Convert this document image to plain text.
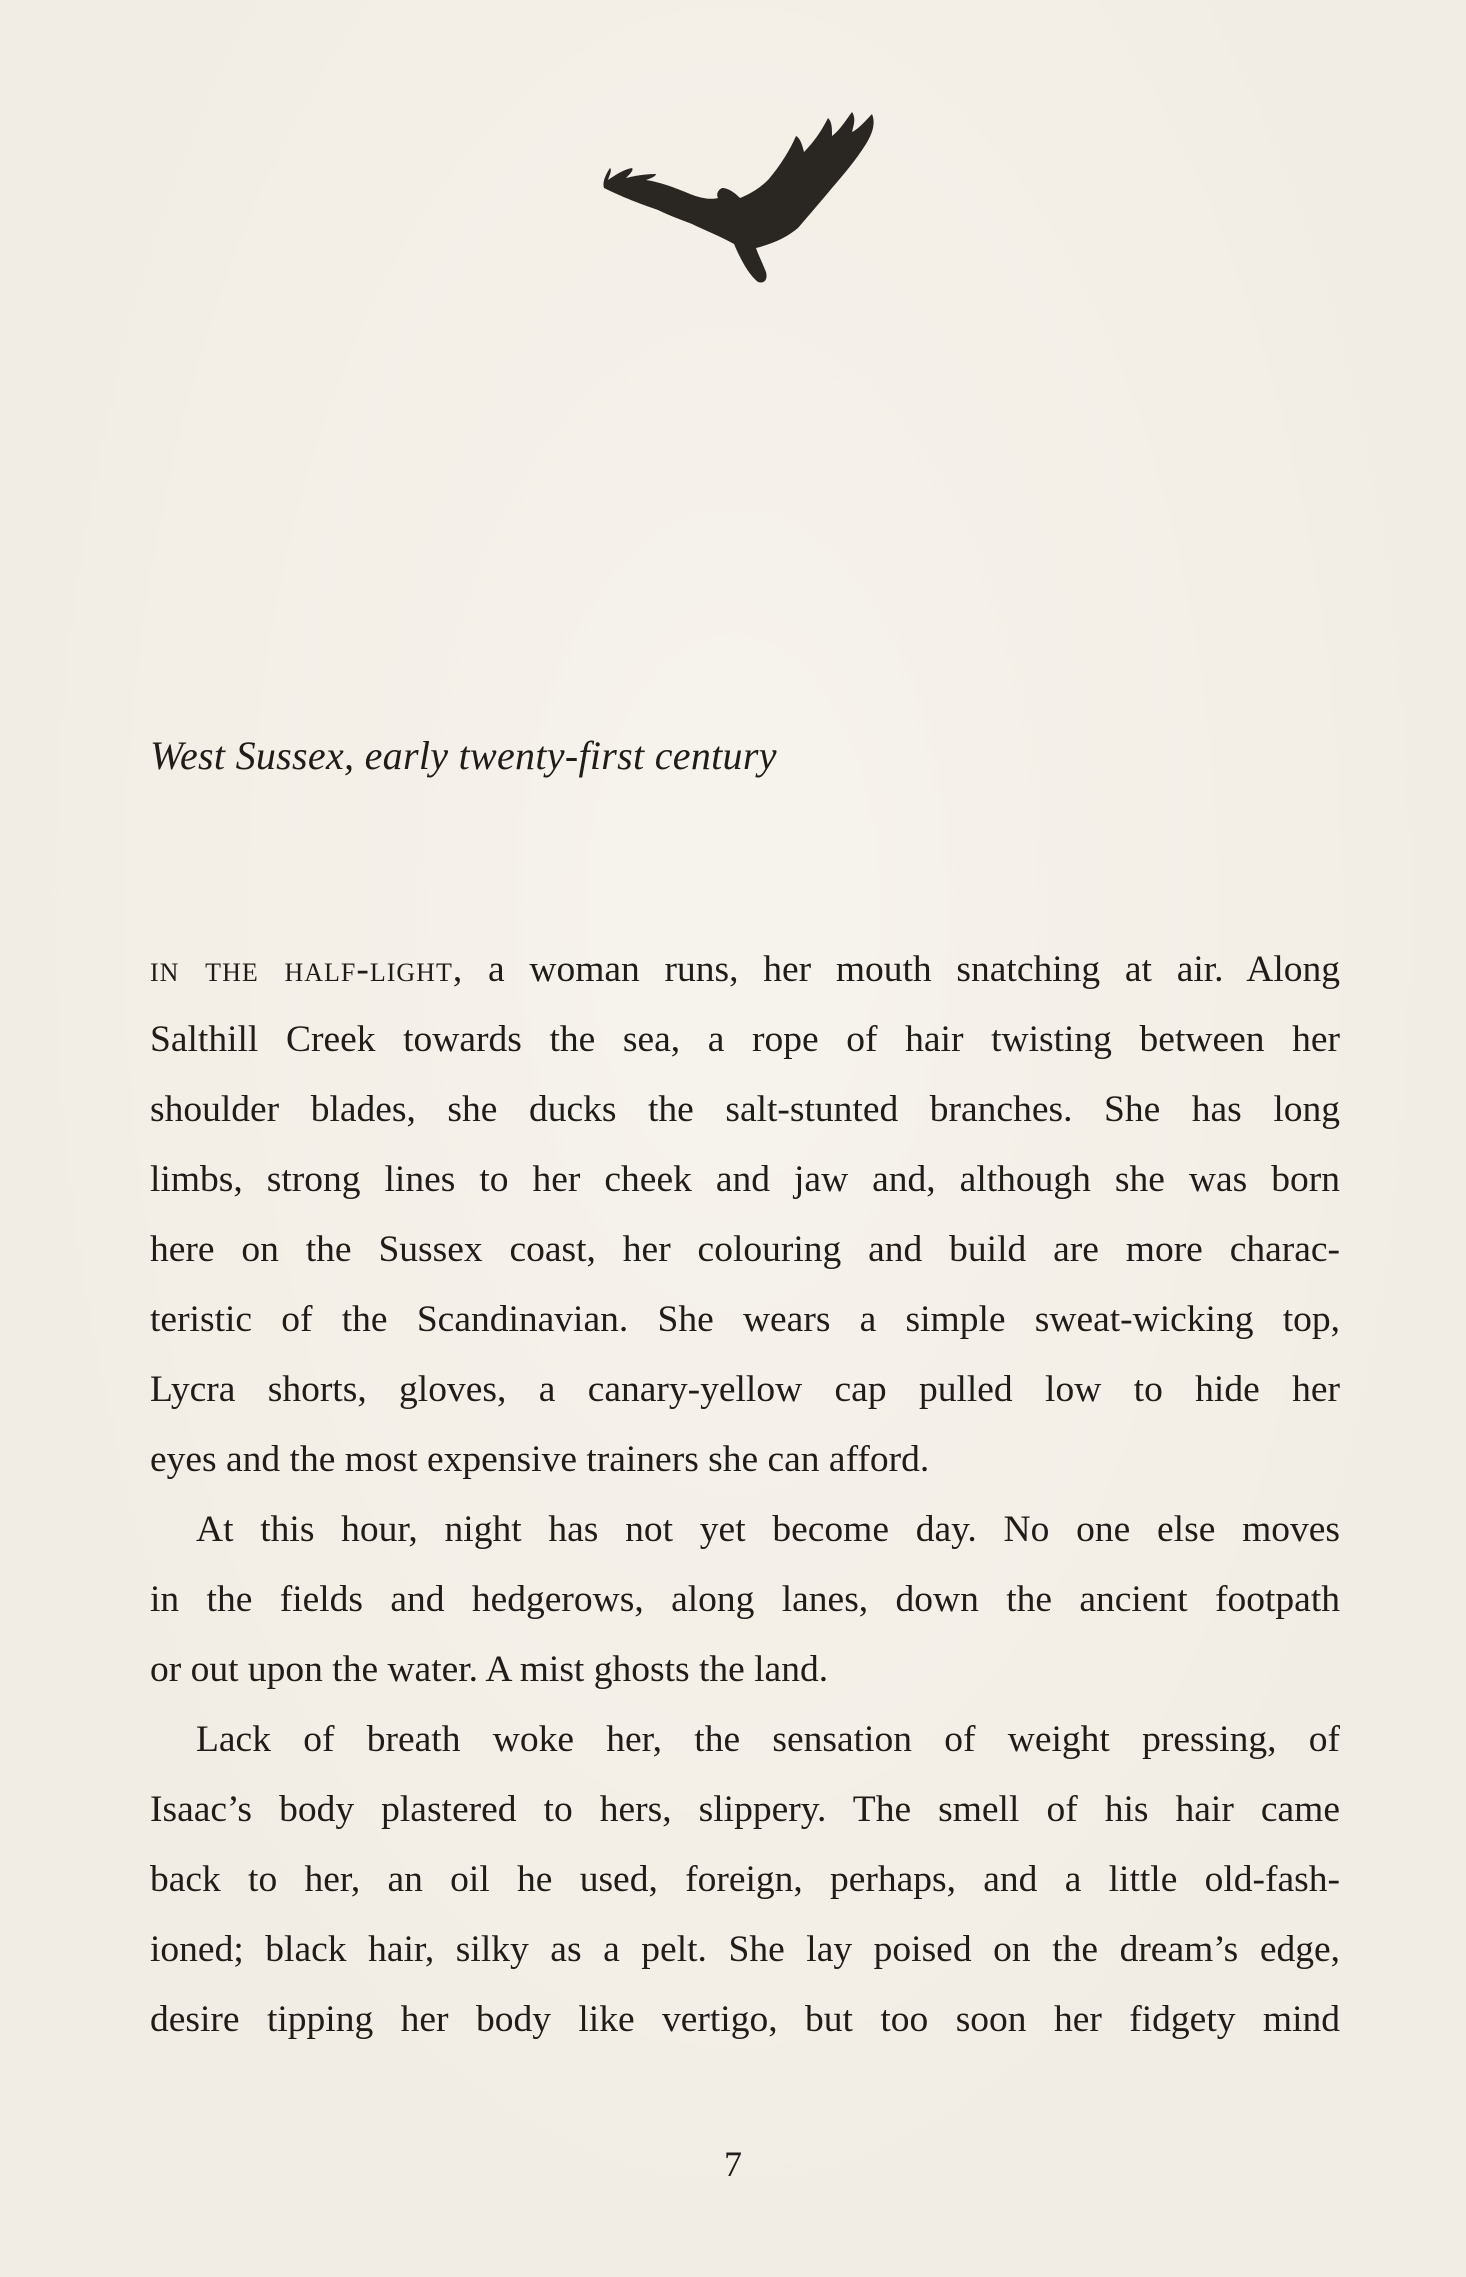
West Sussex, early twenty-first century
in the half-light, a woman runs, her mouth snatching at air. Along
Salthill Creek towards the sea, a rope of hair twisting between her
shoulder blades, she ducks the salt-stunted branches. She has long
limbs, strong lines to her cheek and jaw and, although she was born
here on the Sussex coast, her colouring and build are more charac-
teristic of the Scandinavian. She wears a simple sweat-wicking top,
Lycra shorts, gloves, a canary-yellow cap pulled low to hide her
eyes and the most expensive trainers she can afford.
At this hour, night has not yet become day. No one else moves
in the fields and hedgerows, along lanes, down the ancient footpath
or out upon the water. A mist ghosts the land.
Lack of breath woke her, the sensation of weight pressing, of
Isaac’s body plastered to hers, slippery. The smell of his hair came
back to her, an oil he used, foreign, perhaps, and a little old-fash-
ioned; black hair, silky as a pelt. She lay poised on the dream’s edge,
desire tipping her body like vertigo, but too soon her fidgety mind
7
